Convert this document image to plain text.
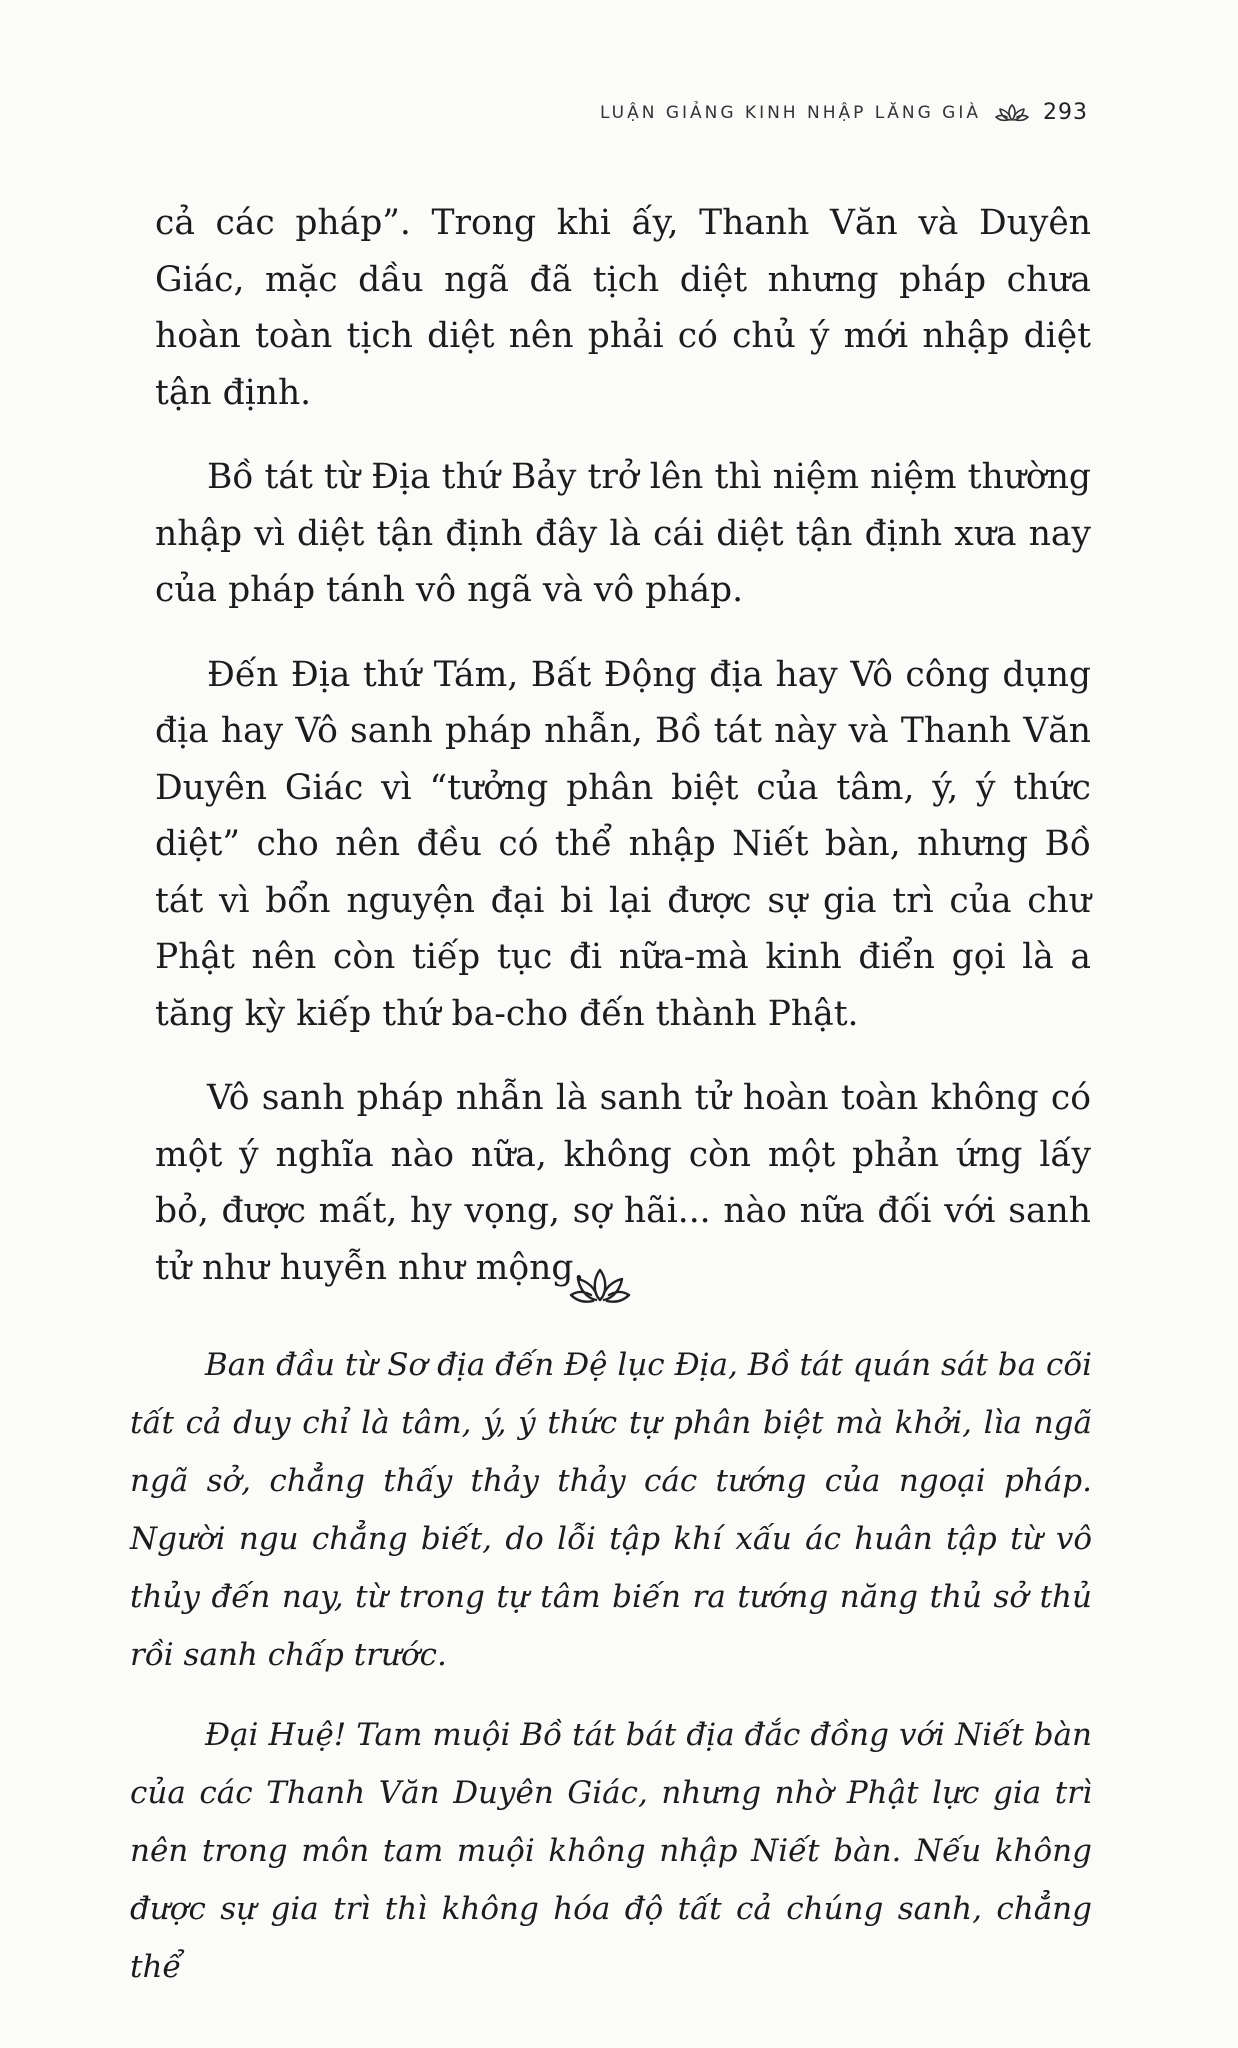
LUẬN GIẢNG KINH NHẬP LĂNG GIÀ	293

cả các pháp”. Trong khi ấy, Thanh Văn và Duyên Giác, mặc dầu ngã đã tịch diệt nhưng pháp chưa hoàn toàn tịch diệt nên phải có chủ ý mới nhập diệt tận định.

Bồ tát từ Địa thứ Bảy trở lên thì niệm niệm thường nhập vì diệt tận định đây là cái diệt tận định xưa nay của pháp tánh vô ngã và vô pháp.

Đến Địa thứ Tám, Bất Động địa hay Vô công dụng địa hay Vô sanh pháp nhẫn, Bồ tát này và Thanh Văn Duyên Giác vì “tưởng phân biệt của tâm, ý, ý thức diệt” cho nên đều có thể nhập Niết bàn, nhưng Bồ tát vì bổn nguyện đại bi lại được sự gia trì của chư Phật nên còn tiếp tục đi nữa-mà kinh điển gọi là a tăng kỳ kiếp thứ ba-cho đến thành Phật.

Vô sanh pháp nhẫn là sanh tử hoàn toàn không có một ý nghĩa nào nữa, không còn một phản ứng lấy bỏ, được mất, hy vọng, sợ hãi... nào nữa đối với sanh tử như huyễn như mộng.

Ban đầu từ Sơ địa đến Đệ lục Địa, Bồ tát quán sát ba cõi tất cả duy chỉ là tâm, ý, ý thức tự phân biệt mà khởi, lìa ngã ngã sở, chẳng thấy thảy thảy các tướng của ngoại pháp. Người ngu chẳng biết, do lỗi tập khí xấu ác huân tập từ vô thủy đến nay, từ trong tự tâm biến ra tướng năng thủ sở thủ rồi sanh chấp trước.

Đại Huệ! Tam muội Bồ tát bát địa đắc đồng với Niết bàn của các Thanh Văn Duyên Giác, nhưng nhờ Phật lực gia trì nên trong môn tam muội không nhập Niết bàn. Nếu không được sự gia trì thì không hóa độ tất cả chúng sanh, chẳng thể
